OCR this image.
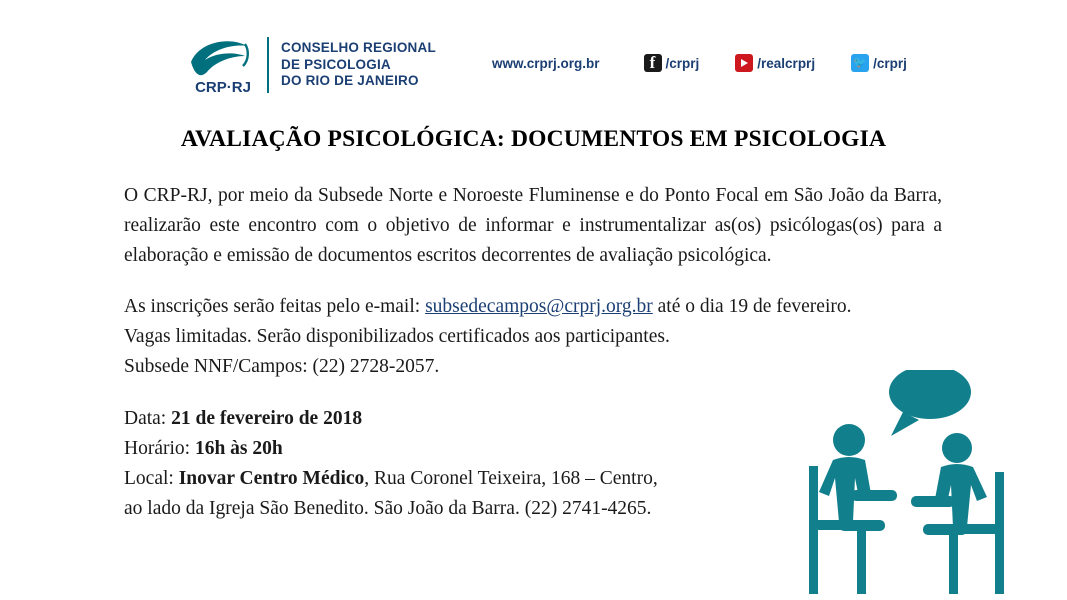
CRP·RJ
CONSELHO REGIONAL
DE PSICOLOGIA
DO RIO DE JANEIRO
www.crprj.org.br f	/crprj	/realcrprj 🐦	/crprj
AVALIAÇÃO PSICOLÓGICA: DOCUMENTOS EM PSICOLOGIA
O CRP-RJ, por meio da Subsede Norte e Noroeste Fluminense e do Ponto Focal em São João da Barra, realizarão este encontro com o objetivo de informar e instrumentalizar as(os) psicólogas(os) para a elaboração e emissão de documentos escritos decorrentes de avaliação psicológica.
As inscrições serão feitas pelo e-mail: subsedecampos@crprj.org.br até o dia 19 de fevereiro.
Vagas limitadas. Serão disponibilizados certificados aos participantes.
Subsede NNF/Campos: (22) 2728-2057.
Data: 21 de fevereiro de 2018
Horário: 16h às 20h
Local: Inovar Centro Médico, Rua Coronel Teixeira, 168 – Centro,
ao lado da Igreja São Benedito. São João da Barra. (22) 2741-4265.
